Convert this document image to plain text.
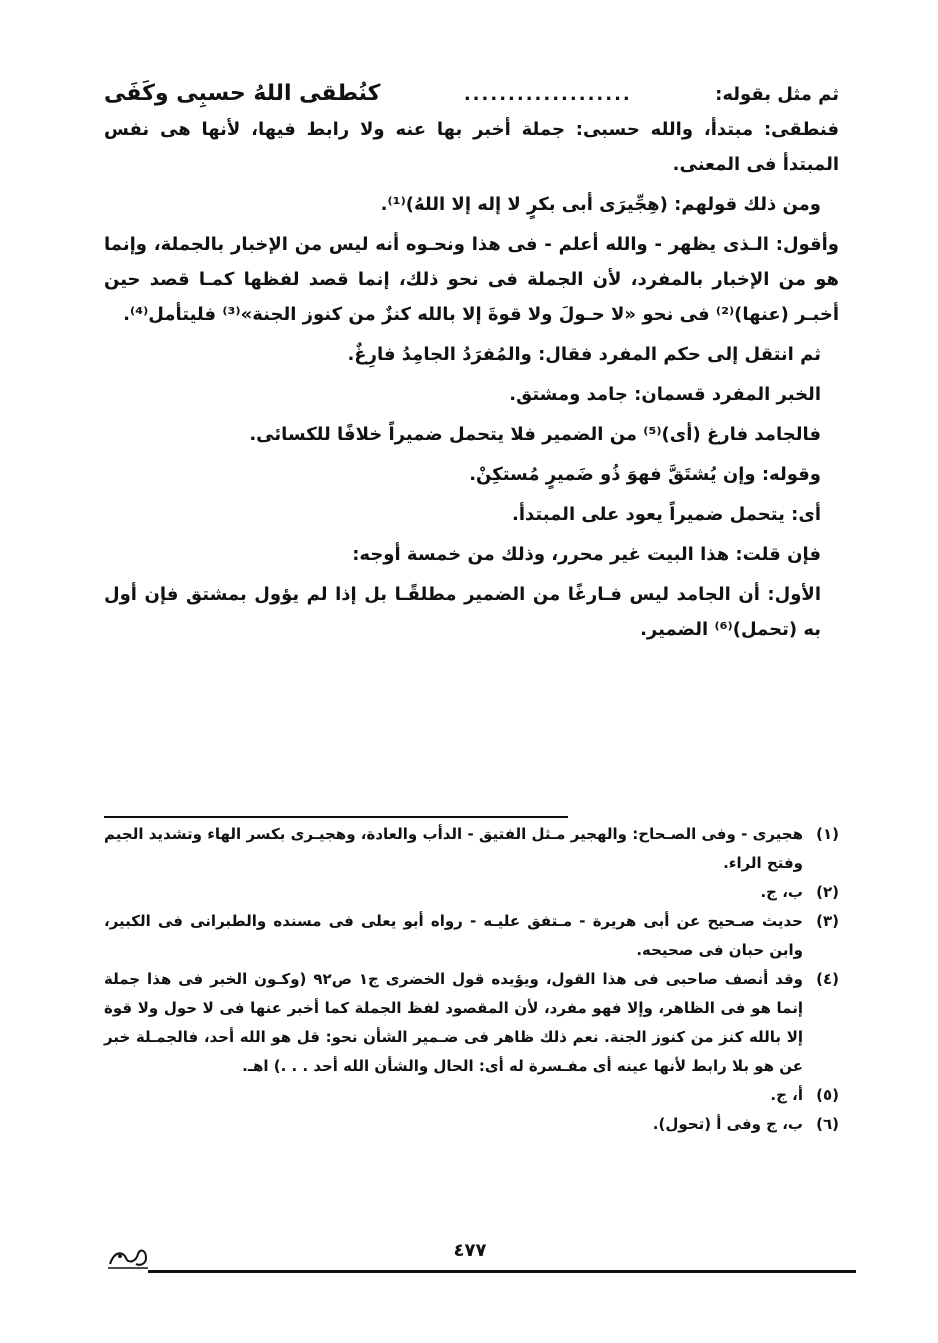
ثم مثل بقوله:
...................
كنُطقى اللهُ حسبِى وكَفَى

فنطقى: مبتدأ، والله حسبى: جملة أخبر بها عنه ولا رابط فيها، لأنها هى نفس المبتدأ فى المعنى.

ومن ذلك قولهم: (هِجِّيرَى أبى بكرٍ لا إله إلا اللهُ)⁽¹⁾.

وأقول: الـذى يظهر - والله أعلم - فى هذا ونحـوه أنه ليس من الإخبار بالجملة، وإنما هو من الإخبار بالمفرد، لأن الجملة فى نحو ذلك، إنما قصد لفظها كمـا قصد حين أخبـر (عنها)⁽²⁾ فى نحو «لا حـولَ ولا قوةَ إلا بالله كنزٌ من كنوز الجنة»⁽³⁾ فليتأمل⁽⁴⁾.

ثم انتقل إلى حكم المفرد فقال: والمُفرَدُ الجامِدُ فارِغٌ.

الخبر المفرد قسمان: جامد ومشتق.

فالجامد فارغ (أى)⁽⁵⁾ من الضمير فلا يتحمل ضميراً خلافًا للكسائى.

وقوله: وإن يُشتَقَّ فهوَ ذُو ضَميرٍ مُستكِنْ.

أى: يتحمل ضميراً يعود على المبتدأ.

فإن قلت: هذا البيت غير محرر، وذلك من خمسة أوجه:

الأول: أن الجامد ليس فـارغًا من الضمير مطلقًـا بل إذا لم يؤول بمشتق فإن أول به (تحمل)⁽⁶⁾ الضمير.

(١)هجيرى - وفى الصـحاح: والهجير مـثل الفتيق - الدأب والعادة، وهجيـرى بكسر الهاء وتشديد الجيم وفتح الراء.

(٢)ب، ج.

(٣)حديث صـحيح عن أبى هريرة - مـتفق عليـه - رواه أبو يعلى فى مسنده والطبرانى فى الكبير، وابن حبان فى صحيحه.

(٤)وقد أنصف صاحبى فى هذا القول، ويؤيده قول الخضرى ج١ ص٩٢ (وكـون الخبر فى هذا جملة إنما هو فى الظاهر، وإلا فهو مفرد، لأن المقصود لفظ الجملة كما أخبر عنها فى لا حول ولا قوة إلا بالله كنز من كنوز الجنة. نعم ذلك ظاهر فى ضـمير الشأن نحو: قل هو الله أحد، فالجمـلة خبر عن هو بلا رابط لأنها عينه أى مفـسرة له أى: الحال والشأن الله أحد . . .) اهـ.

(٥)أ، ج.

(٦)ب، ج وفى أ (تحول).

٤٧٧
